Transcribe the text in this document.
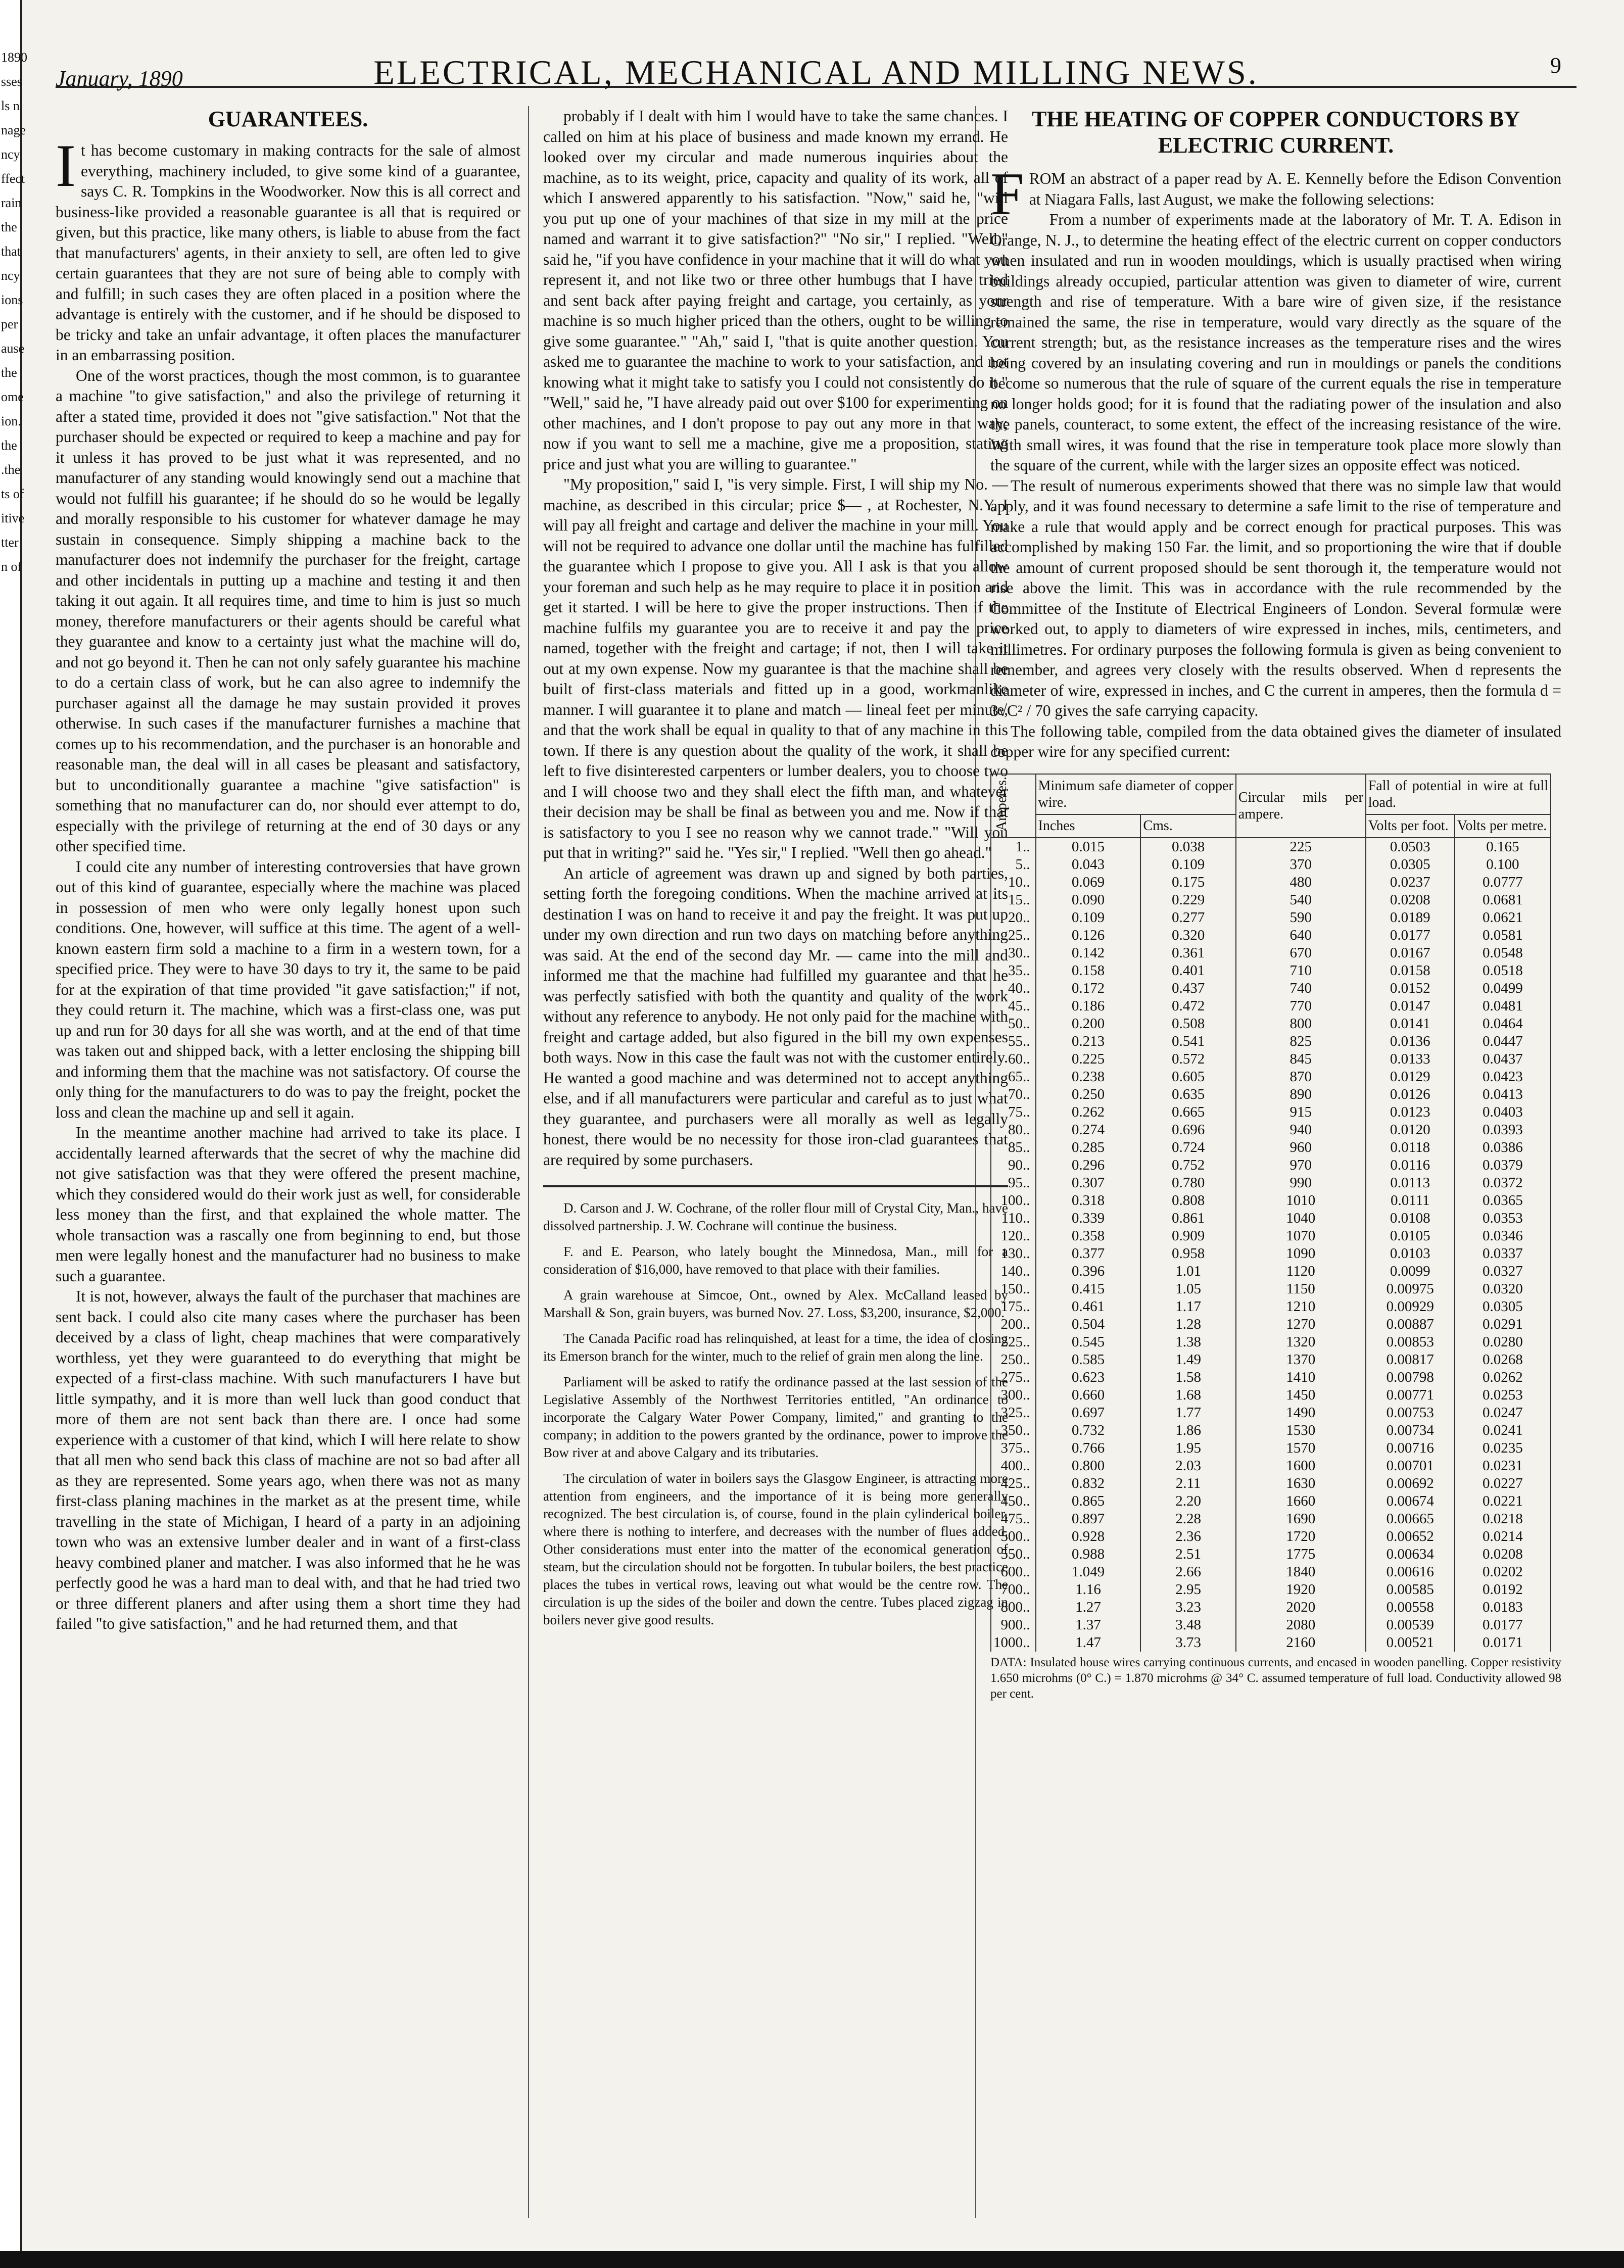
1890
sses
ls n
nage
ncy
ffect
rain
the
that
ncy
ions
per
ause
the
ome
ion.
the
.the
ts of
itive
tter
n of
January, 1890	ELECTRICAL, MECHANICAL AND MILLING NEWS.	9
GUARANTEES.
I t has become customary in making contracts for the sale of almost everything, machinery included, to give some kind of a guarantee, says C. R. Tompkins in the Woodworker. Now this is all correct and business-like provided a reasonable guarantee is all that is required or given, but this practice, like many others, is liable to abuse from the fact that manufacturers' agents, in their anxiety to sell, are often led to give certain guarantees that they are not sure of being able to comply with and fulfill; in such cases they are often placed in a position where the advantage is entirely with the customer, and if he should be disposed to be tricky and take an unfair advantage, it often places the manufacturer in an embarrassing position.

One of the worst practices, though the most common, is to guarantee a machine "to give satisfaction," and also the privilege of returning it after a stated time, provided it does not "give satisfaction." Not that the purchaser should be expected or required to keep a machine and pay for it unless it has proved to be just what it was represented, and no manufacturer of any standing would knowingly send out a machine that would not fulfill his guarantee; if he should do so he would be legally and morally responsible to his customer for whatever damage he may sustain in consequence. Simply shipping a machine back to the manufacturer does not indemnify the purchaser for the freight, cartage and other incidentals in putting up a machine and testing it and then taking it out again. It all requires time, and time to him is just so much money, therefore manufacturers or their agents should be careful what they guarantee and know to a certainty just what the machine will do, and not go beyond it. Then he can not only safely guarantee his machine to do a certain class of work, but he can also agree to indemnify the purchaser against all the damage he may sustain provided it proves otherwise. In such cases if the manufacturer furnishes a machine that comes up to his recommendation, and the purchaser is an honorable and reasonable man, the deal will in all cases be pleasant and satisfactory, but to unconditionally guarantee a machine "give satisfaction" is something that no manufacturer can do, nor should ever attempt to do, especially with the privilege of returning at the end of 30 days or any other specified time.

I could cite any number of interesting controversies that have grown out of this kind of guarantee, especially where the machine was placed in possession of men who were only legally honest upon such conditions. One, however, will suffice at this time. The agent of a well-known eastern firm sold a machine to a firm in a western town, for a specified price. They were to have 30 days to try it, the same to be paid for at the expiration of that time provided "it gave satisfaction;" if not, they could return it. The machine, which was a first-class one, was put up and run for 30 days for all she was worth, and at the end of that time was taken out and shipped back, with a letter enclosing the shipping bill and informing them that the machine was not satisfactory. Of course the only thing for the manufacturers to do was to pay the freight, pocket the loss and clean the machine up and sell it again.

In the meantime another machine had arrived to take its place. I accidentally learned afterwards that the secret of why the machine did not give satisfaction was that they were offered the present machine, which they considered would do their work just as well, for considerable less money than the first, and that explained the whole matter. The whole transaction was a rascally one from beginning to end, but those men were legally honest and the manufacturer had no business to make such a guarantee.

It is not, however, always the fault of the purchaser that machines are sent back. I could also cite many cases where the purchaser has been deceived by a class of light, cheap machines that were comparatively worthless, yet they were guaranteed to do everything that might be expected of a first-class machine. With such manufacturers I have but little sympathy, and it is more than well luck than good conduct that more of them are not sent back than there are. I once had some experience with a customer of that kind, which I will here relate to show that all men who send back this class of machine are not so bad after all as they are represented. Some years ago, when there was not as many first-class planing machines in the market as at the present time, while travelling in the state of Michigan, I heard of a party in an adjoining town who was an extensive lumber dealer and in want of a first-class heavy combined planer and matcher. I was also informed that he he was perfectly good he was a hard man to deal with, and that he had tried two or three different planers and after using them a short time they had failed "to give satisfaction," and he had returned them, and that

probably if I dealt with him I would have to take the same chances. I called on him at his place of business and made known my errand. He looked over my circular and made numerous inquiries about the machine, as to its weight, price, capacity and quality of its work, all of which I answered apparently to his satisfaction. "Now," said he, "will you put up one of your machines of that size in my mill at the price named and warrant it to give satisfaction?" "No sir," I replied. "Well," said he, "if you have confidence in your machine that it will do what you represent it, and not like two or three other humbugs that I have tried and sent back after paying freight and cartage, you certainly, as your machine is so much higher priced than the others, ought to be willing to give some guarantee." "Ah," said I, "that is quite another question. You asked me to guarantee the machine to work to your satisfaction, and not knowing what it might take to satisfy you I could not consistently do it." "Well," said he, "I have already paid out over $100 for experimenting on other machines, and I don't propose to pay out any more in that way; now if you want to sell me a machine, give me a proposition, stating price and just what you are willing to guarantee."

"My proposition," said I, "is very simple. First, I will ship my No. — machine, as described in this circular; price $— , at Rochester, N.Y. I will pay all freight and cartage and deliver the machine in your mill. You will not be required to advance one dollar until the machine has fulfilled the guarantee which I propose to give you. All I ask is that you allow your foreman and such help as he may require to place it in position and get it started. I will be here to give the proper instructions. Then if the machine fulfils my guarantee you are to receive it and pay the price named, together with the freight and cartage; if not, then I will take it out at my own expense. Now my guarantee is that the machine shall be built of first-class materials and fitted up in a good, workmanlike manner. I will guarantee it to plane and match — lineal feet per minute, and that the work shall be equal in quality to that of any machine in this town. If there is any question about the quality of the work, it shall be left to five disinterested carpenters or lumber dealers, you to choose two and I will choose two and they shall elect the fifth man, and whatever their decision may be shall be final as between you and me. Now if that is satisfactory to you I see no reason why we cannot trade." "Will you put that in writing?" said he. "Yes sir," I replied. "Well then go ahead."

An article of agreement was drawn up and signed by both parties, setting forth the foregoing conditions. When the machine arrived at its destination I was on hand to receive it and pay the freight. It was put up under my own direction and run two days on matching before anything was said. At the end of the second day Mr. — came into the mill and informed me that the machine had fulfilled my guarantee and that he was perfectly satisfied with both the quantity and quality of the work without any reference to anybody. He not only paid for the machine with freight and cartage added, but also figured in the bill my own expenses both ways. Now in this case the fault was not with the customer entirely. He wanted a good machine and was determined not to accept anything else, and if all manufacturers were particular and careful as to just what they guarantee, and purchasers were all morally as well as legally honest, there would be no necessity for those iron-clad guarantees that are required by some purchasers.

D. Carson and J. W. Cochrane, of the roller flour mill of Crystal City, Man., have dissolved partnership. J. W. Cochrane will continue the business.

F. and E. Pearson, who lately bought the Minnedosa, Man., mill for a consideration of $16,000, have removed to that place with their families.

A grain warehouse at Simcoe, Ont., owned by Alex. McCalland leased by Marshall & Son, grain buyers, was burned Nov. 27. Loss, $3,200, insurance, $2,000.

The Canada Pacific road has relinquished, at least for a time, the idea of closing its Emerson branch for the winter, much to the relief of grain men along the line.

Parliament will be asked to ratify the ordinance passed at the last session of the Legislative Assembly of the Northwest Territories entitled, "An ordinance to incorporate the Calgary Water Power Company, limited," and granting to the company; in addition to the powers granted by the ordinance, power to improve the Bow river at and above Calgary and its tributaries.

The circulation of water in boilers says the Glasgow Engineer, is attracting more attention from engineers, and the importance of it is being more generally recognized. The best circulation is, of course, found in the plain cylinderical boiler, where there is nothing to interfere, and decreases with the number of flues added. Other considerations must enter into the matter of the economical generation of steam, but the circulation should not be forgotten. In tubular boilers, the best practice places the tubes in vertical rows, leaving out what would be the centre row. The circulation is up the sides of the boiler and down the centre. Tubes placed zigzag in boilers never give good results.

THE HEATING OF COPPER CONDUCTORS BY ELECTRIC CURRENT.
F ROM an abstract of a paper read by A. E. Kennelly before the Edison Convention at Niagara Falls, last August, we make the following selections:

From a number of experiments made at the laboratory of Mr. T. A. Edison in Orange, N. J., to determine the heating effect of the electric current on copper conductors when insulated and run in wooden mouldings, which is usually practised when wiring buildings already occupied, particular attention was given to diameter of wire, current strength and rise of temperature. With a bare wire of given size, if the resistance remained the same, the rise in temperature, would vary directly as the square of the current strength; but, as the resistance increases as the temperature rises and the wires being covered by an insulating covering and run in mouldings or panels the conditions become so numerous that the rule of square of the current equals the rise in temperature no longer holds good; for it is found that the radiating power of the insulation and also the panels, counteract, to some extent, the effect of the increasing resistance of the wire. With small wires, it was found that the rise in temperature took place more slowly than the square of the current, while with the larger sizes an opposite effect was noticed.

The result of numerous experiments showed that there was no simple law that would apply, and it was found necessary to determine a safe limit to the rise of temperature and make a rule that would apply and be correct enough for practical purposes. This was accomplished by making 150 Far. the limit, and so proportioning the wire that if double the amount of current proposed should be sent thorough it, the temperature would not rise above the limit. This was in accordance with the rule recommended by the Committee of the Institute of Electrical Engineers of London. Several formulæ were worked out, to apply to diameters of wire expressed in inches, mils, centimeters, and millimetres. For ordinary purposes the following formula is given as being convenient to remember, and agrees very closely with the results observed. When d represents the diameter of wire, expressed in inches, and C the current in amperes, then the formula d = 3√C² / 70 gives the safe carrying capacity.

The following table, compiled from the data obtained gives the diameter of insulated copper wire for any specified current:

Amperes.	Minimum safe diameter of copper wire.		Circular mils per ampere.	Fall of potential in wire at full load.	
	Inches	Cms.		Volts per foot.	Volts per metre.
1..	0.015	0.038	225	0.0503	0.165
5..	0.043	0.109	370	0.0305	0.100
10..	0.069	0.175	480	0.0237	0.0777
15..	0.090	0.229	540	0.0208	0.0681
20..	0.109	0.277	590	0.0189	0.0621
25..	0.126	0.320	640	0.0177	0.0581
30..	0.142	0.361	670	0.0167	0.0548
35..	0.158	0.401	710	0.0158	0.0518
40..	0.172	0.437	740	0.0152	0.0499
45..	0.186	0.472	770	0.0147	0.0481
50..	0.200	0.508	800	0.0141	0.0464
55..	0.213	0.541	825	0.0136	0.0447
60..	0.225	0.572	845	0.0133	0.0437
65..	0.238	0.605	870	0.0129	0.0423
70..	0.250	0.635	890	0.0126	0.0413
75..	0.262	0.665	915	0.0123	0.0403
80..	0.274	0.696	940	0.0120	0.0393
85..	0.285	0.724	960	0.0118	0.0386
90..	0.296	0.752	970	0.0116	0.0379
95..	0.307	0.780	990	0.0113	0.0372
100..	0.318	0.808	1010	0.0111	0.0365
110..	0.339	0.861	1040	0.0108	0.0353
120..	0.358	0.909	1070	0.0105	0.0346
130..	0.377	0.958	1090	0.0103	0.0337
140..	0.396	1.01	1120	0.0099	0.0327
150..	0.415	1.05	1150	0.00975	0.0320
175..	0.461	1.17	1210	0.00929	0.0305
200..	0.504	1.28	1270	0.00887	0.0291
225..	0.545	1.38	1320	0.00853	0.0280
250..	0.585	1.49	1370	0.00817	0.0268
275..	0.623	1.58	1410	0.00798	0.0262
300..	0.660	1.68	1450	0.00771	0.0253
325..	0.697	1.77	1490	0.00753	0.0247
350..	0.732	1.86	1530	0.00734	0.0241
375..	0.766	1.95	1570	0.00716	0.0235
400..	0.800	2.03	1600	0.00701	0.0231
425..	0.832	2.11	1630	0.00692	0.0227
450..	0.865	2.20	1660	0.00674	0.0221
475..	0.897	2.28	1690	0.00665	0.0218
500..	0.928	2.36	1720	0.00652	0.0214
550..	0.988	2.51	1775	0.00634	0.0208
600..	1.049	2.66	1840	0.00616	0.0202
700..	1.16	2.95	1920	0.00585	0.0192
800..	1.27	3.23	2020	0.00558	0.0183
900..	1.37	3.48	2080	0.00539	0.0177
1000..	1.47	3.73	2160	0.00521	0.0171
DATA: Insulated house wires carrying continuous currents, and encased in wooden panelling. Copper resistivity 1.650 microhms (0° C.) = 1.870 microhms @ 34° C. assumed temperature of full load. Conductivity allowed 98 per cent.
